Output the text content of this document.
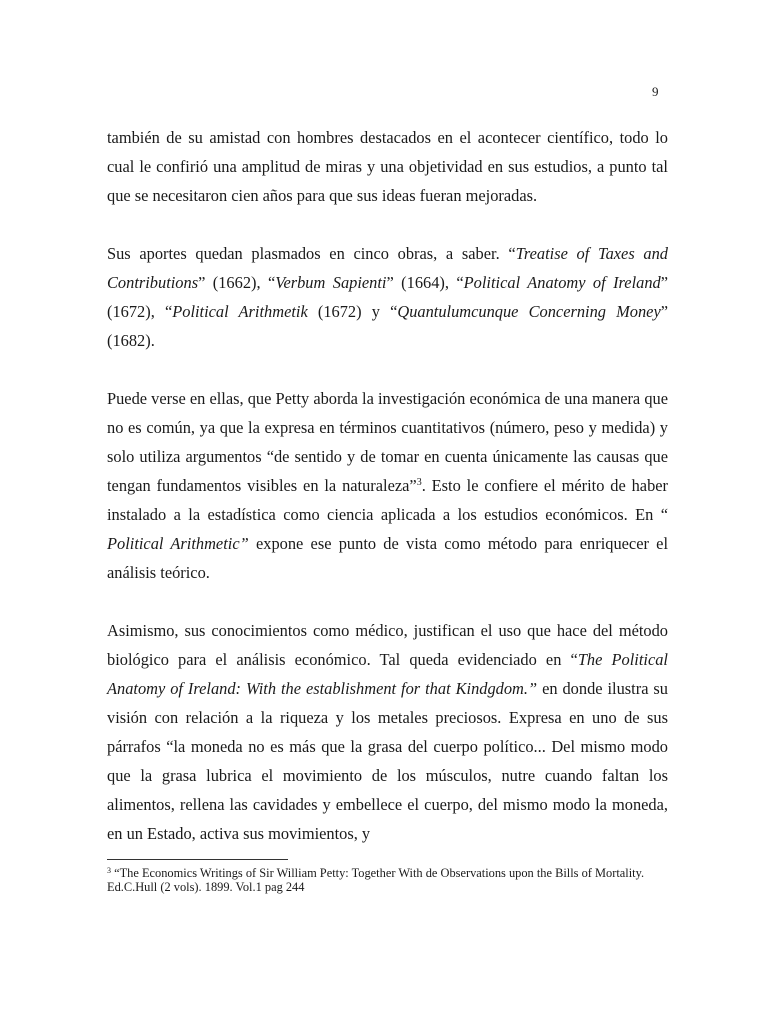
9

también de su amistad con hombres destacados en el acontecer científico, todo lo cual le confirió una amplitud de miras y una objetividad en sus estudios, a punto tal que se necesitaron cien años para que sus ideas fueran mejoradas.

Sus aportes quedan plasmados en cinco obras, a saber. “Treatise of Taxes and Contributions” (1662), “Verbum Sapienti” (1664), “Political Anatomy of Ireland” (1672), “Political Arithmetik (1672) y “Quantulumcunque Concerning Money” (1682).

Puede verse en ellas, que Petty aborda la investigación económica de una manera que no es común, ya que la expresa en términos cuantitativos (número, peso y medida) y solo utiliza argumentos “de sentido y de tomar en cuenta únicamente las causas que tengan fundamentos visibles en la naturaleza”$^3$. Esto le confiere el mérito de haber instalado a la estadística como ciencia aplicada a los estudios económicos. En “ Political Arithmetic” expone ese punto de vista como método para enriquecer el análisis teórico.

Asimismo, sus conocimientos como médico, justifican el uso que hace del método biológico para el análisis económico. Tal queda evidenciado en “The Political Anatomy of Ireland: With the establishment for that Kindgdom.” en donde ilustra su visión con relación a la riqueza y los metales preciosos. Expresa en uno de sus párrafos “la moneda no es más que la grasa del cuerpo político... Del mismo modo que la grasa lubrica el movimiento de los músculos, nutre cuando faltan los alimentos, rellena las cavidades y embellece el cuerpo, del mismo modo la moneda, en un Estado, activa sus movimientos, y

$^3$ “The Economics Writings of Sir William Petty: Together With de Observations upon the Bills of Mortality. Ed.C.Hull (2 vols). 1899. Vol.1 pag 244
